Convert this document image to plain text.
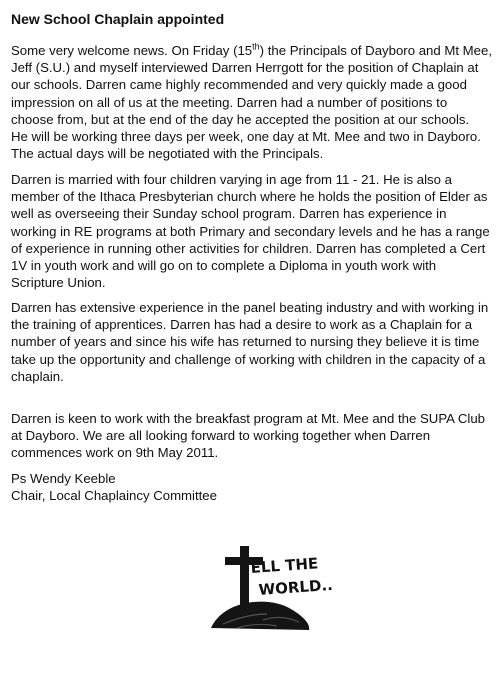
New School Chaplain appointed

Some very welcome news. On Friday (15th) the Principals of Dayboro and Mt Mee,
Jeff (S.U.) and myself interviewed Darren Herrgott for the position of Chaplain at
our schools. Darren came highly recommended and very quickly made a good
impression on all of us at the meeting. Darren had a number of positions to
choose from, but at the end of the day he accepted the position at our schools.
He will be working three days per week, one day at Mt. Mee and two in Dayboro.
The actual days will be negotiated with the Principals.

Darren is married with four children varying in age from 11 - 21. He is also a
member of the Ithaca Presbyterian church where he holds the position of Elder as
well as overseeing their Sunday school program. Darren has experience in
working in RE programs at both Primary and secondary levels and he has a range
of experience in running other activities for children. Darren has completed a Cert
1V in youth work and will go on to complete a Diploma in youth work with
Scripture Union.

Darren has extensive experience in the panel beating industry and with working in
the training of apprentices. Darren has had a desire to work as a Chaplain for a
number of years and since his wife has returned to nursing they believe it is time
take up the opportunity and challenge of working with children in the capacity of a
chaplain.

Darren is keen to work with the breakfast program at Mt. Mee and the SUPA Club
at Dayboro. We are all looking forward to working together when Darren
commences work on 9th May 2011.

Ps Wendy Keeble
Chair, Local Chaplaincy Committee

ELL THE
WORLD...
